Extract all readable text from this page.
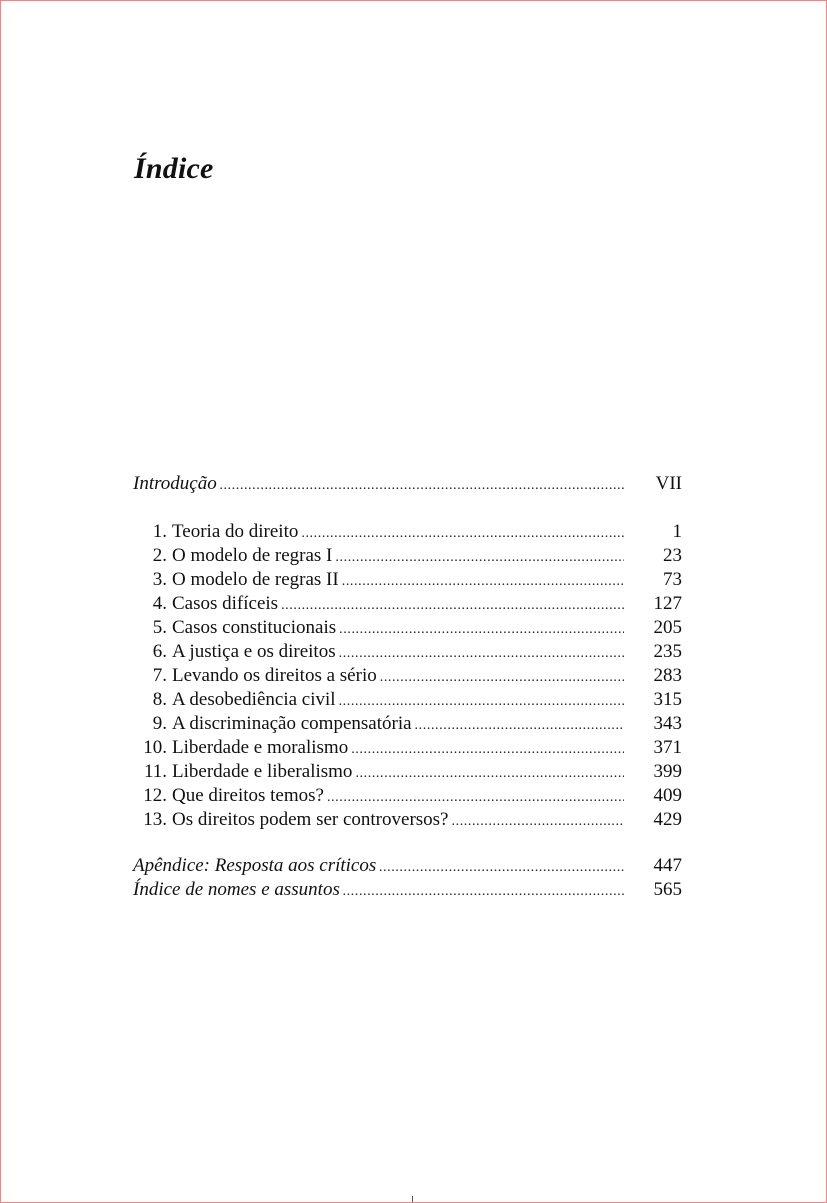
Índice
Introdução .....	VII
1. Teoria do direito .....	1
2. O modelo de regras I .....	23
3. O modelo de regras II .....	73
4. Casos difíceis .....	127
5. Casos constitucionais .....	205
6. A justiça e os direitos .....	235
7. Levando os direitos a sério .....	283
8. A desobediência civil .....	315
9. A discriminação compensatória .....	343
10. Liberdade e moralismo .....	371
11. Liberdade e liberalismo .....	399
12. Que direitos temos? .....	409
13. Os direitos podem ser controversos? .....	429
Apêndice: Resposta aos críticos .....	447
Índice de nomes e assuntos .....	565
